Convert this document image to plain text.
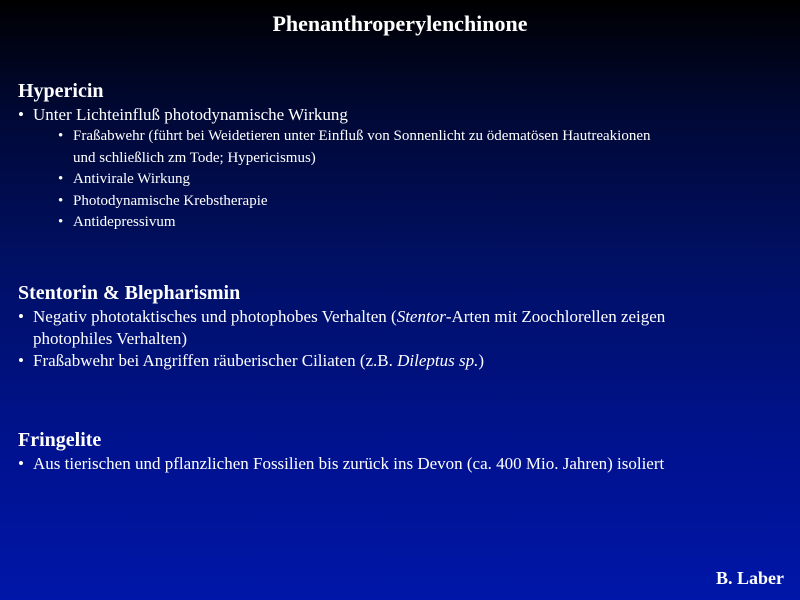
Phenanthroperylenchinone
Hypericin
• Unter Lichteinfluß photodynamische Wirkung
• Fraßabwehr (führt bei Weidetieren unter Einfluß von Sonnenlicht zu ödematösen Hautreakionen
und schließlich zm Tode; Hypericismus)
• Antivirale Wirkung
• Photodynamische Krebstherapie
• Antidepressivum
Stentorin & Blepharismin
• Negativ phototaktisches und photophobes Verhalten (Stentor-Arten mit Zoochlorellen zeigen
photophiles Verhalten)
• Fraßabwehr bei Angriffen räuberischer Ciliaten (z.B. Dileptus sp.)
Fringelite
• Aus tierischen und pflanzlichen Fossilien bis zurück ins Devon (ca. 400 Mio. Jahren) isoliert
B. Laber
